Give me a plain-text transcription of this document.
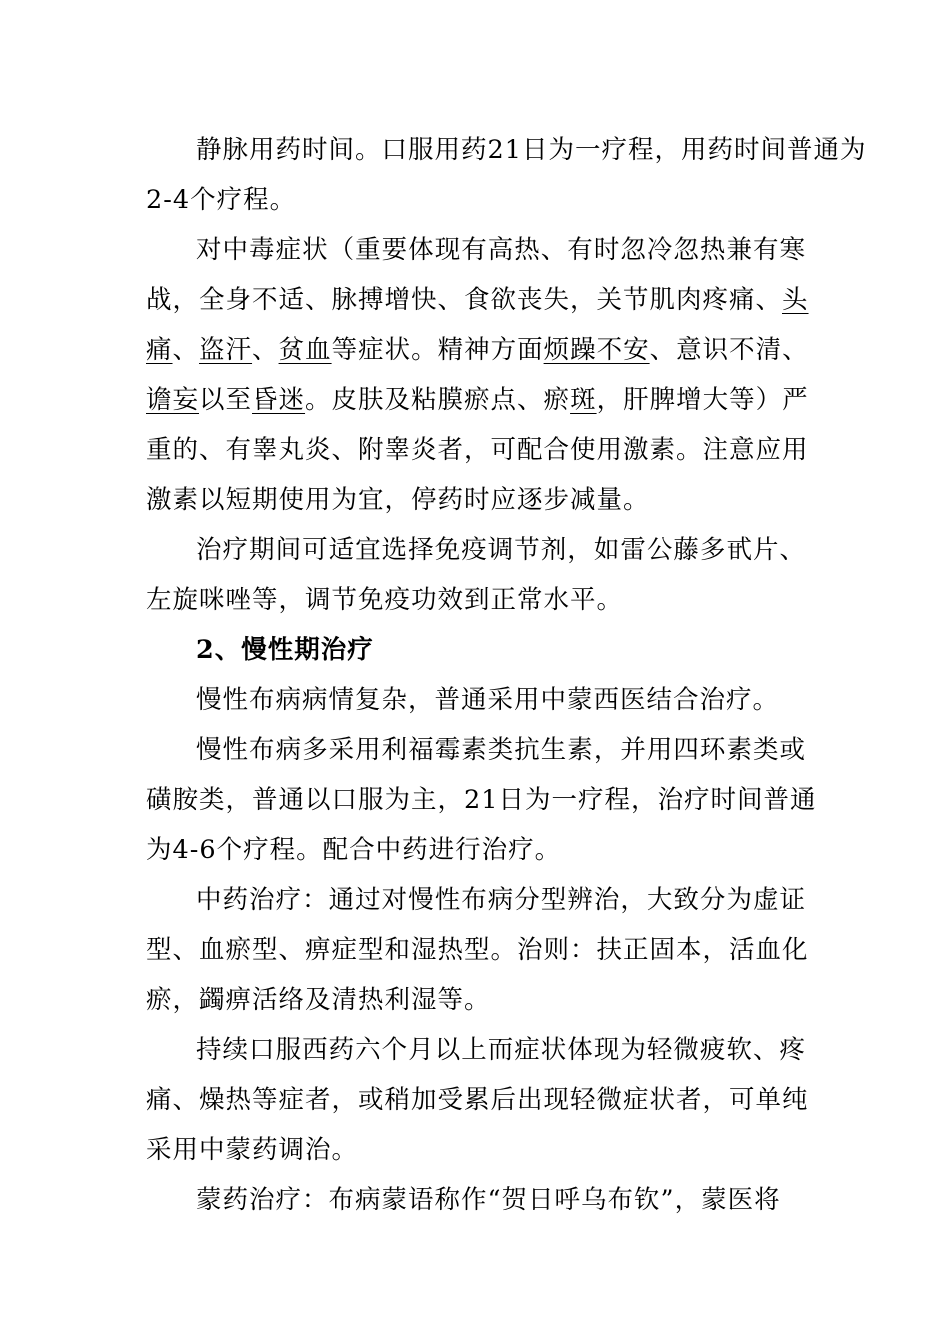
静脉用药时间。口服用药21日为一疗程，用药时间普通为
2-4个疗程。
对中毒症状（重要体现有高热、有时忽冷忽热兼有寒
战，全身不适、脉搏增快、食欲丧失，关节肌肉疼痛、头
痛、盗汗、贫血等症状。精神方面烦躁不安、意识不清、
谵妄以至昏迷。皮肤及粘膜瘀点、瘀斑，肝脾增大等）严
重的、有睾丸炎、附睾炎者，可配合使用激素。注意应用
激素以短期使用为宜，停药时应逐步减量。
治疗期间可适宜选择免疫调节剂，如雷公藤多甙片、
左旋咪唑等，调节免疫功效到正常水平。
2、慢性期治疗
慢性布病病情复杂，普通采用中蒙西医结合治疗。
慢性布病多采用利福霉素类抗生素，并用四环素类或
磺胺类，普通以口服为主，21日为一疗程，治疗时间普通
为4-6个疗程。配合中药进行治疗。
中药治疗：通过对慢性布病分型辨治，大致分为虚证
型、血瘀型、痹症型和湿热型。治则：扶正固本，活血化
瘀，蠲痹活络及清热利湿等。
持续口服西药六个月以上而症状体现为轻微疲软、疼
痛、燥热等症者，或稍加受累后出现轻微症状者，可单纯
采用中蒙药调治。
蒙药治疗：布病蒙语称作“贺日呼乌布钦”，蒙医将
